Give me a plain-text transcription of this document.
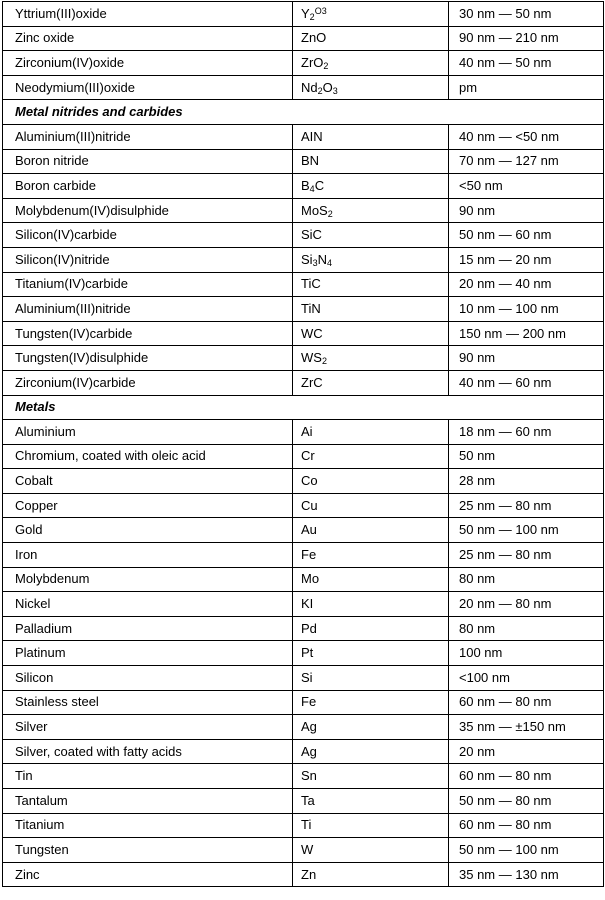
Yttrium(III)oxide	$Y_2^{O3}$	30 nm — 50 nm
Zinc oxide	ZnO	90 nm — 210 nm
Zirconium(IV)oxide	ZrO$_2$	40 nm — 50 nm
Neodymium(III)oxide	$Nd_2O_3$	pm
Metal nitrides and carbides		
Aluminium(III)nitride	AIN	40 nm — <50 nm
Boron nitride	BN	70 nm — 127 nm
Boron carbide	$B_4C$	<50 nm
Molybdenum(IV)disulphide	MoS$_2$	90 nm
Silicon(IV)carbide	SiC	50 nm — 60 nm
Silicon(IV)nitride	$Si_3N_4$	15 nm — 20 nm
Titanium(IV)carbide	TiC	20 nm — 40 nm
Aluminium(III)nitride	TiN	10 nm — 100 nm
Tungsten(IV)carbide	WC	150 nm — 200 nm
Tungsten(IV)disulphide	$WS_2$	90 nm
Zirconium(IV)carbide	ZrC	40 nm — 60 nm
Metals		
Aluminium	Ai	18 nm — 60 nm
Chromium, coated with oleic acid	Cr	50 nm
Cobalt	Co	28 nm
Copper	Cu	25 nm — 80 nm
Gold	Au	50 nm — 100 nm
Iron	Fe	25 nm — 80 nm
Molybdenum	Mo	80 nm
Nickel	KI	20 nm — 80 nm
Palladium	Pd	80 nm
Platinum	Pt	100 nm
Silicon	Si	<100 nm
Stainless steel	Fe	60 nm — 80 nm
Silver	Ag	35 nm — ±150 nm
Silver, coated with fatty acids	Ag	20 nm
Tin	Sn	60 nm — 80 nm
Tantalum	Ta	50 nm — 80 nm
Titanium	Ti	60 nm — 80 nm
Tungsten	W	50 nm — 100 nm
Zinc	Zn	35 nm — 130 nm
